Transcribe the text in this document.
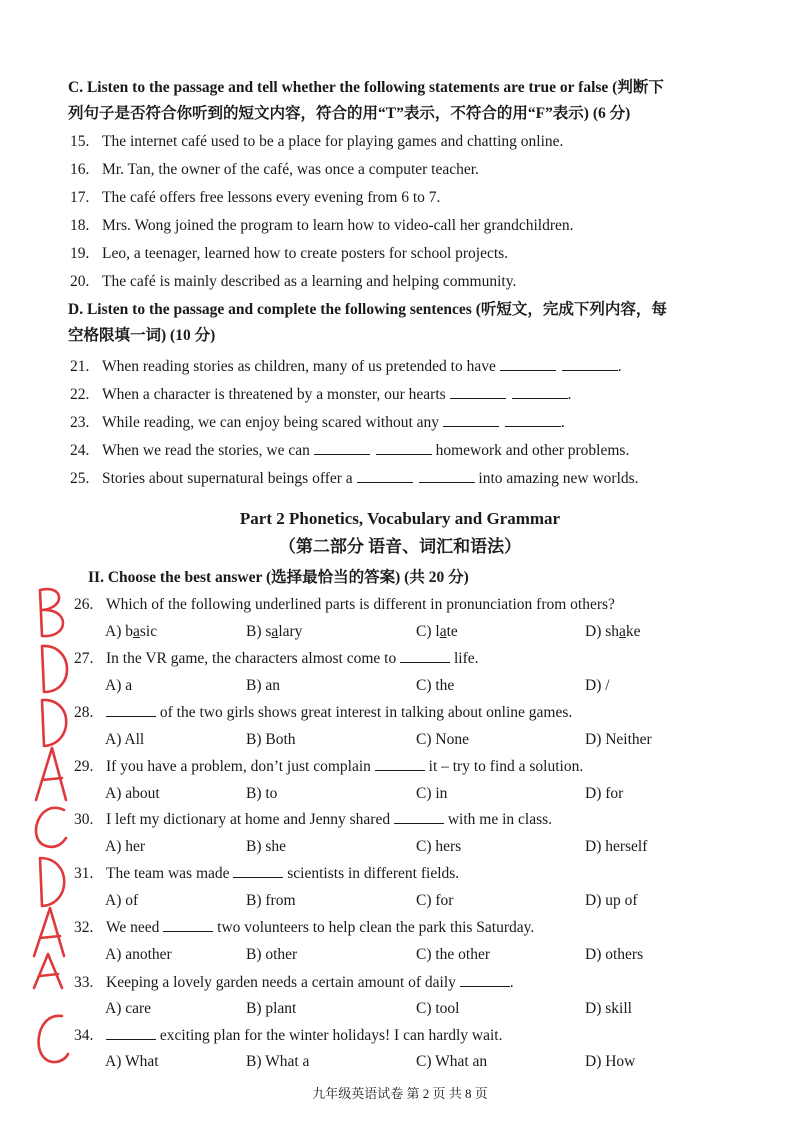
C. Listen to the passage and tell whether the following statements are true or false (判断下
列句子是否符合你听到的短文内容，符合的用“T”表示，不符合的用“F”表示) (6 分)
15. The internet café used to be a place for playing games and chatting online.
16. Mr. Tan, the owner of the café, was once a computer teacher.
17. The café offers free lessons every evening from 6 to 7.
18. Mrs. Wong joined the program to learn how to video-call her grandchildren.
19. Leo, a teenager, learned how to create posters for school projects.
20. The café is mainly described as a learning and helping community.
D. Listen to the passage and complete the following sentences (听短文，完成下列内容，每
空格限填一词) (10 分)
21. When reading stories as children, many of us pretended to have	.
22. When a character is threatened by a monster, our hearts	.
23. While reading, we can enjoy being scared without any	.
24. When we read the stories, we can	homework and other problems.
25. Stories about supernatural beings offer a	into amazing new worlds.
Part 2 Phonetics, Vocabulary and Grammar
（第二部分 语音、词汇和语法）
II. Choose the best answer (选择最恰当的答案) (共 20 分)
26. Which of the following underlined parts is different in pronunciation from others?
A) basic	B) salary	C) late	D) shake
27. In the VR game, the characters almost come to	life.
A) a	B) an	C) the	D) /
28.	of the two girls shows great interest in talking about online games.
A) All	B) Both	C) None	D) Neither
29. If you have a problem, don’t just complain	it – try to find a solution.
A) about	B) to	C) in	D) for
30. I left my dictionary at home and Jenny shared	with me in class.
A) her	B) she	C) hers	D) herself
31. The team was made	scientists in different fields.
A) of	B) from	C) for	D) up of
32. We need	two volunteers to help clean the park this Saturday.
A) another	B) other	C) the other	D) others
33. Keeping a lovely garden needs a certain amount of daily	.
A) care	B) plant	C) tool	D) skill
34.	exciting plan for the winter holidays! I can hardly wait.
A) What	B) What a	C) What an	D) How
九年级英语试卷 第 2 页 共 8 页
